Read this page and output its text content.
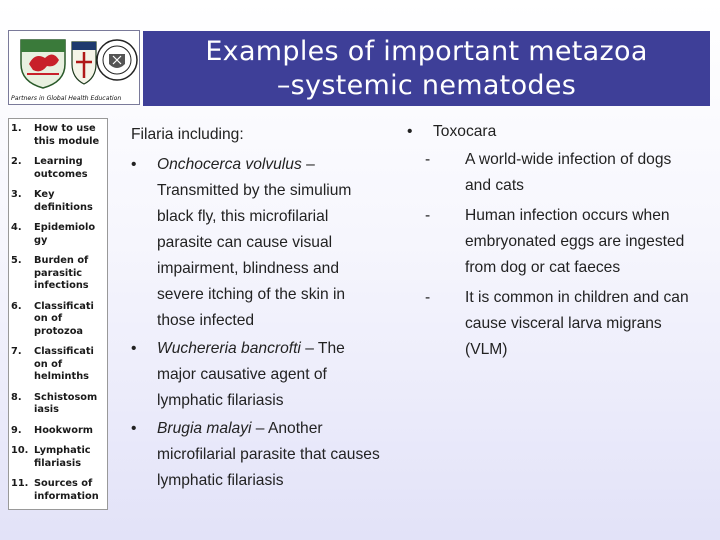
Partners in Global Health Education
Examples of important metazoa
–systemic nematodes
1.	How to use this module
2.	Learning outcomes
3.	Key definitions
4.	Epidemiolo gy
5.	Burden of parasitic infections
6.	Classificati on of protozoa
7.	Classificati on of helminths
8.	Schistosom iasis
9.	Hookworm
10. Lymphatic filariasis
11. Sources of information
Filaria including:
•	Onchocerca volvulus – Transmitted by the simulium black fly, this microfilarial parasite can cause visual impairment, blindness and severe itching of the skin in those infected
•	Wuchereria bancrofti – The major causative agent of lymphatic filariasis
•	Brugia malayi – Another microfilarial parasite that causes lymphatic filariasis
•	Toxocara
-	A world-wide infection of dogs and cats
-	Human infection occurs when embryonated eggs are ingested from dog or cat faeces
-	It is common in children and can cause visceral larva migrans (VLM)
